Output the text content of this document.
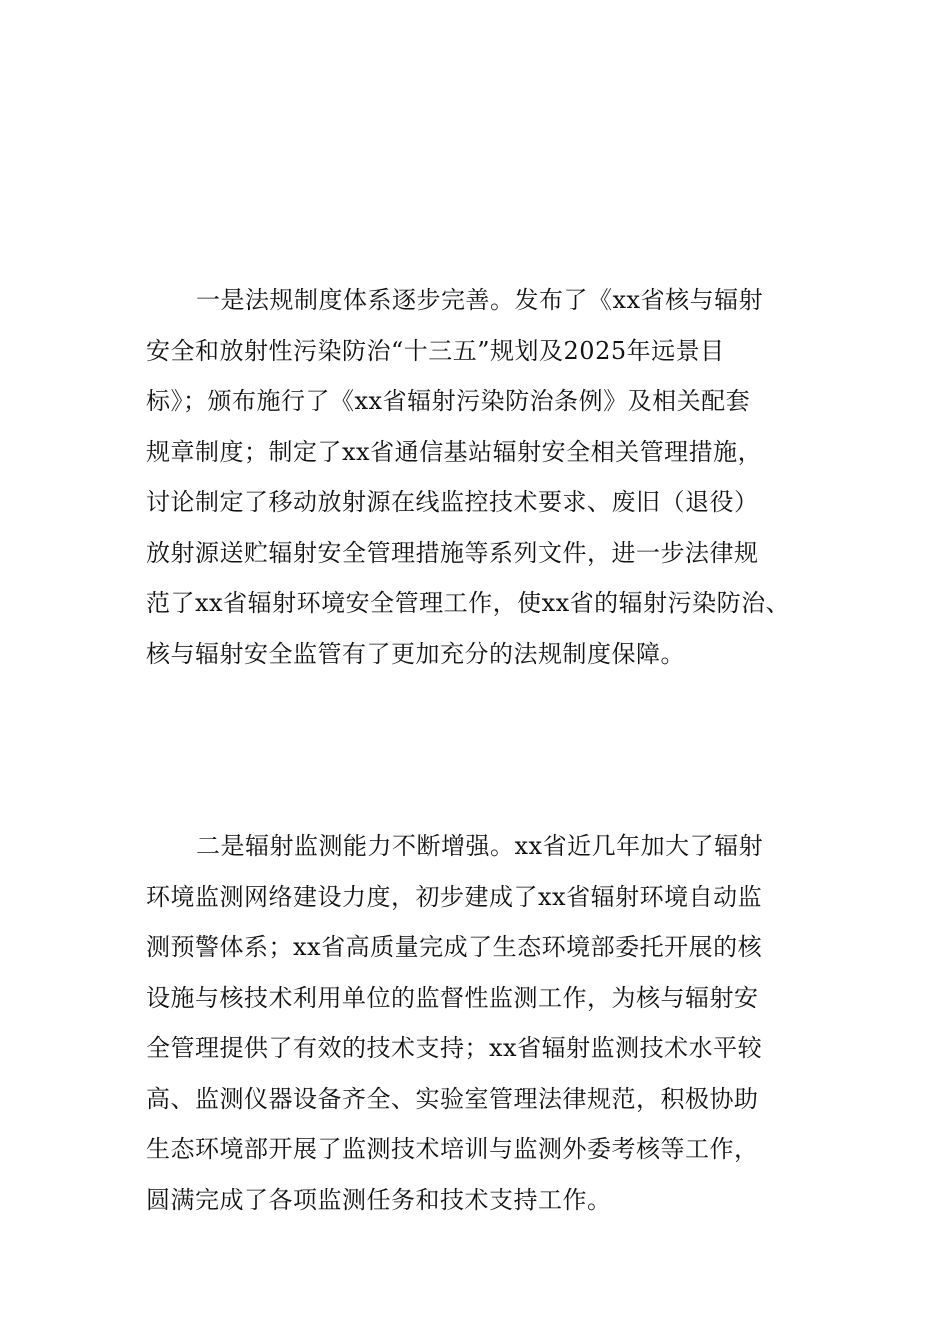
一是法规制度体系逐步完善。发布了《xx省核与辐射
安全和放射性污染防治“十三五”规划及2025年远景目
标》；颁布施行了《xx省辐射污染防治条例》及相关配套
规章制度；制定了xx省通信基站辐射安全相关管理措施，
讨论制定了移动放射源在线监控技术要求、废旧（退役）
放射源送贮辐射安全管理措施等系列文件，进一步法律规
范了xx省辐射环境安全管理工作，使xx省的辐射污染防治、
核与辐射安全监管有了更加充分的法规制度保障。

二是辐射监测能力不断增强。xx省近几年加大了辐射
环境监测网络建设力度，初步建成了xx省辐射环境自动监
测预警体系；xx省高质量完成了生态环境部委托开展的核
设施与核技术利用单位的监督性监测工作，为核与辐射安
全管理提供了有效的技术支持；xx省辐射监测技术水平较
高、监测仪器设备齐全、实验室管理法律规范，积极协助
生态环境部开展了监测技术培训与监测外委考核等工作，
圆满完成了各项监测任务和技术支持工作。
